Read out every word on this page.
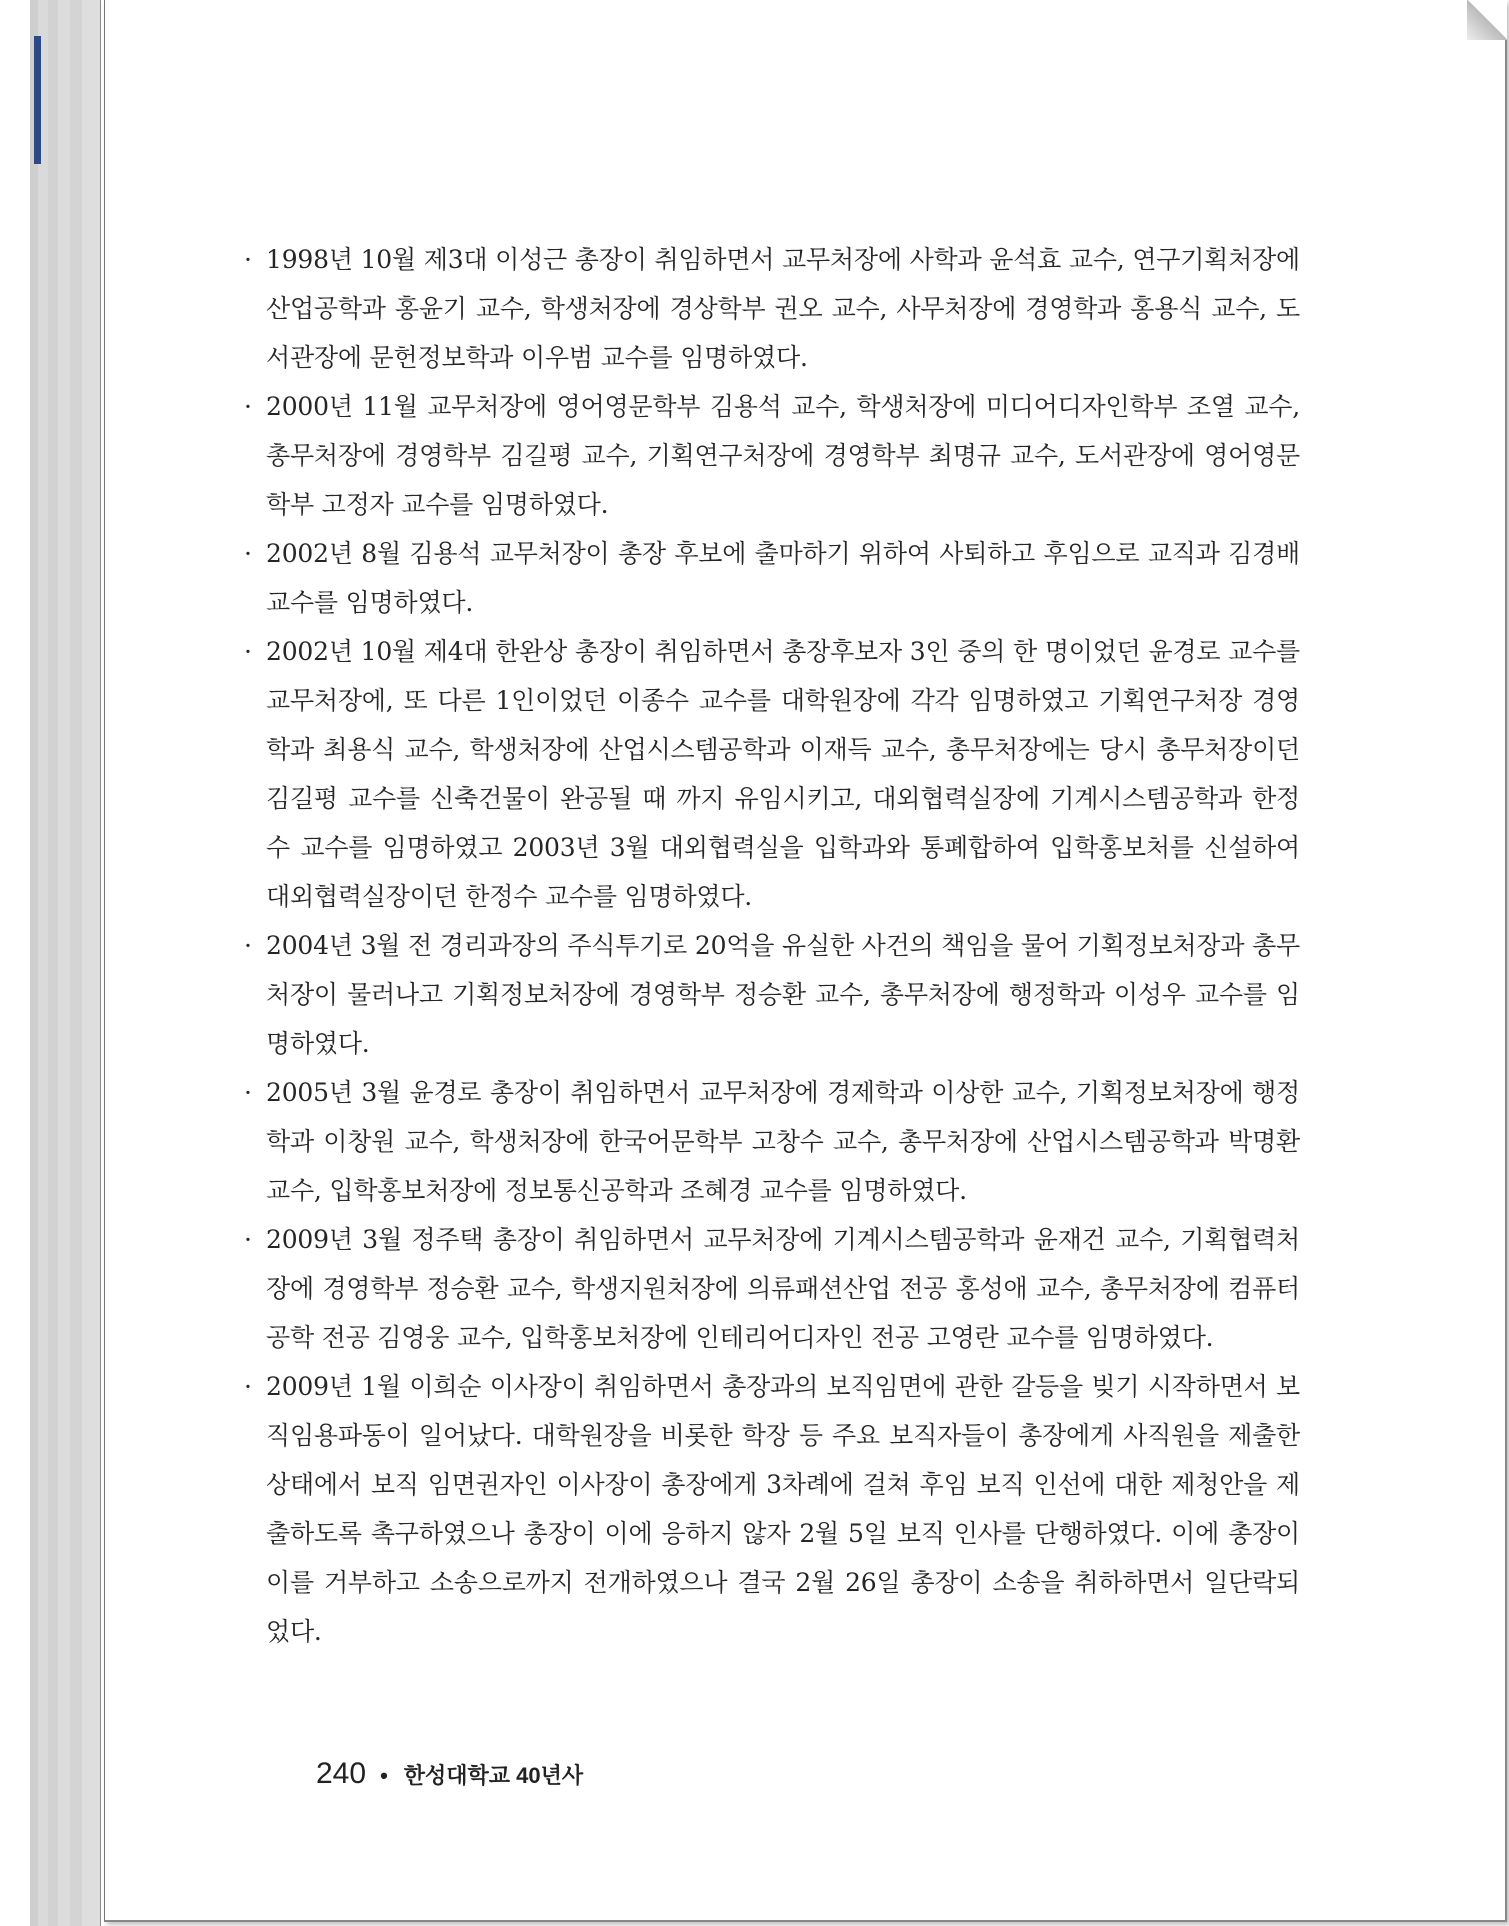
· 1998년 10월 제3대 이성근 총장이 취임하면서 교무처장에 사학과 윤석효 교수, 연구기획처장에 산업공학과 홍윤기 교수, 학생처장에 경상학부 권오 교수, 사무처장에 경영학과 홍용식 교수, 도서관장에 문헌정보학과 이우범 교수를 임명하였다.
· 2000년 11월 교무처장에 영어영문학부 김용석 교수, 학생처장에 미디어디자인학부 조열 교수, 총무처장에 경영학부 김길평 교수, 기획연구처장에 경영학부 최명규 교수, 도서관장에 영어영문학부 고정자 교수를 임명하였다.
· 2002년 8월 김용석 교무처장이 총장 후보에 출마하기 위하여 사퇴하고 후임으로 교직과 김경배 교수를 임명하였다.
· 2002년 10월 제4대 한완상 총장이 취임하면서 총장후보자 3인 중의 한 명이었던 윤경로 교수를 교무처장에, 또 다른 1인이었던 이종수 교수를 대학원장에 각각 임명하였고 기획연구처장 경영학과 최용식 교수, 학생처장에 산업시스템공학과 이재득 교수, 총무처장에는 당시 총무처장이던 김길평 교수를 신축건물이 완공될 때 까지 유임시키고, 대외협력실장에 기계시스템공학과 한정수 교수를 임명하였고 2003년 3월 대외협력실을 입학과와 통폐합하여 입학홍보처를 신설하여 대외협력실장이던 한정수 교수를 임명하였다.
· 2004년 3월 전 경리과장의 주식투기로 20억을 유실한 사건의 책임을 물어 기획정보처장과 총무처장이 물러나고 기획정보처장에 경영학부 정승환 교수, 총무처장에 행정학과 이성우 교수를 임명하였다.
· 2005년 3월 윤경로 총장이 취임하면서 교무처장에 경제학과 이상한 교수, 기획정보처장에 행정학과 이창원 교수, 학생처장에 한국어문학부 고창수 교수, 총무처장에 산업시스템공학과 박명환 교수, 입학홍보처장에 정보통신공학과 조혜경 교수를 임명하였다.
· 2009년 3월 정주택 총장이 취임하면서 교무처장에 기계시스템공학과 윤재건 교수, 기획협력처장에 경영학부 정승환 교수, 학생지원처장에 의류패션산업 전공 홍성애 교수, 총무처장에 컴퓨터공학 전공 김영웅 교수, 입학홍보처장에 인테리어디자인 전공 고영란 교수를 임명하였다.
· 2009년 1월 이희순 이사장이 취임하면서 총장과의 보직임면에 관한 갈등을 빚기 시작하면서 보직임용파동이 일어났다. 대학원장을 비롯한 학장 등 주요 보직자들이 총장에게 사직원을 제출한 상태에서 보직 임면권자인 이사장이 총장에게 3차례에 걸쳐 후임 보직 인선에 대한 제청안을 제출하도록 촉구하였으나 총장이 이에 응하지 않자 2월 5일 보직 인사를 단행하였다. 이에 총장이 이를 거부하고 소송으로까지 전개하였으나 결국 2월 26일 총장이 소송을 취하하면서 일단락되었다.
240 • 한성대학교 40년사
